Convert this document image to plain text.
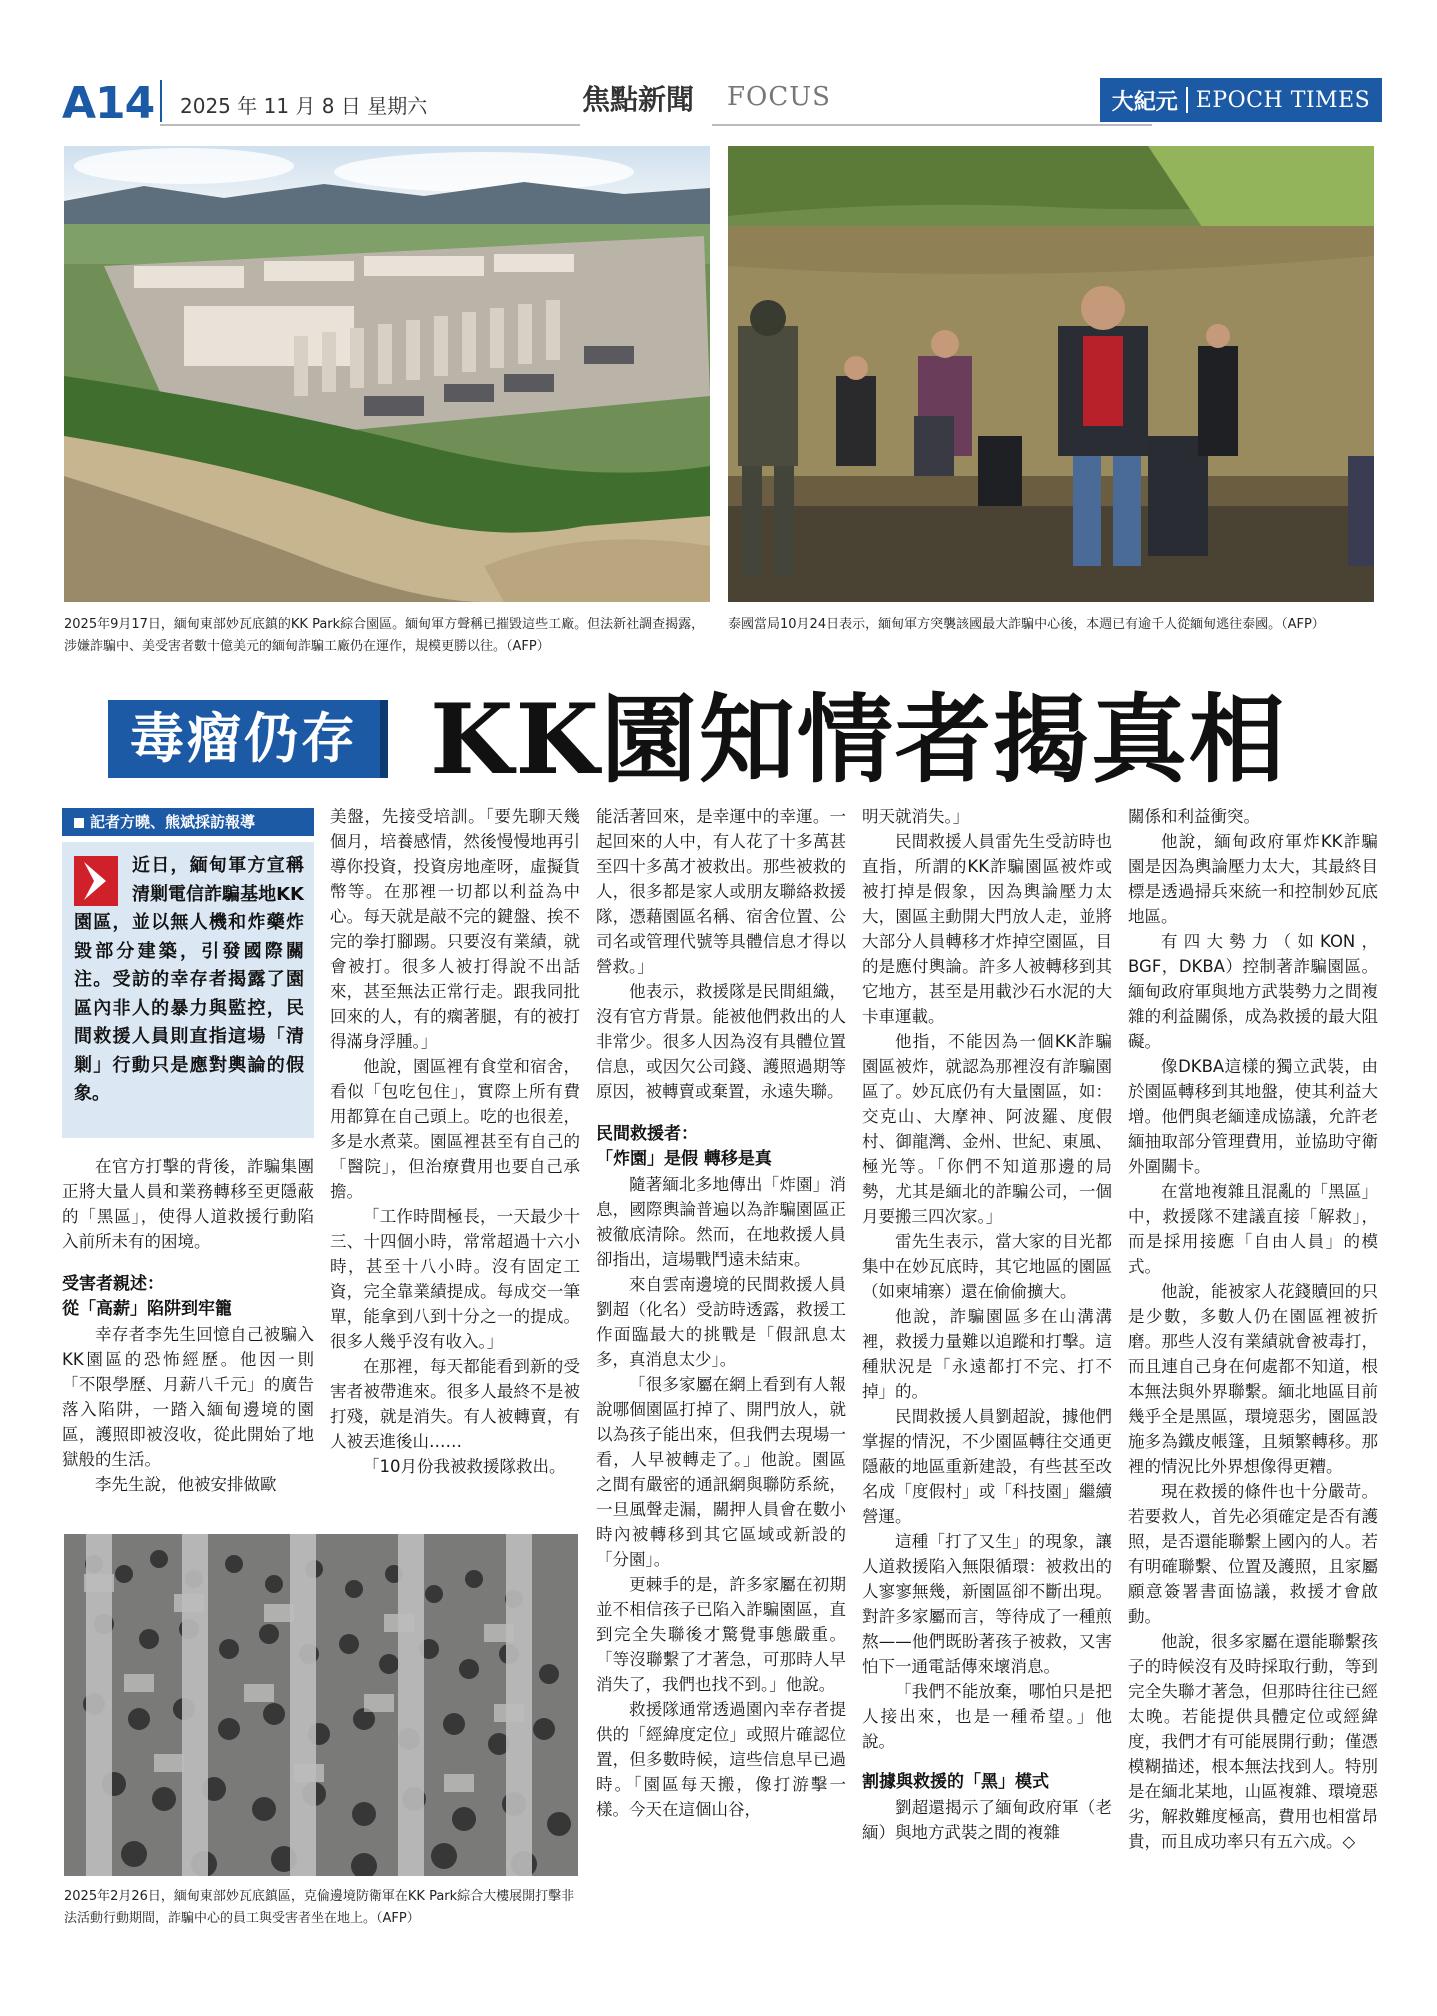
A14 2025 年 11 月 8 日 星期六	焦點新聞 FOCUS	大紀元 EPOCH TIMES
2025年9月17日，緬甸東部妙瓦底鎮的KK Park綜合園區。緬甸軍方聲稱已摧毀這些工廠。但法新社調查揭露，涉嫌詐騙中、美受害者數十億美元的緬甸詐騙工廠仍在運作，規模更勝以往。（AFP）
泰國當局10月24日表示，緬甸軍方突襲該國最大詐騙中心後，本週已有逾千人從緬甸逃往泰國。（AFP）
毒瘤仍存 KK園知情者揭真相
記者方曉、熊斌採訪報導
近日，緬甸軍方宣稱清剿電信詐騙基地KK園區，並以無人機和炸藥炸毀部分建築，引發國際關注。受訪的幸存者揭露了園區內非人的暴力與監控，民間救援人員則直指這場「清剿」行動只是應對輿論的假象。

在官方打擊的背後，詐騙集團正將大量人員和業務轉移至更隱蔽的「黑區」，使得人道救援行動陷入前所未有的困境。

受害者親述：
從「高薪」陷阱到牢籠

幸存者李先生回憶自己被騙入KK園區的恐怖經歷。他因一則「不限學歷、月薪八千元」的廣告落入陷阱，一踏入緬甸邊境的園區，護照即被沒收，從此開始了地獄般的生活。

李先生說，他被安排做歐

美盤，先接受培訓。「要先聊天幾個月，培養感情，然後慢慢地再引導你投資，投資房地產呀，虛擬貨幣等。在那裡一切都以利益為中心。每天就是敲不完的鍵盤、挨不完的拳打腳踢。只要沒有業績，就會被打。很多人被打得說不出話來，甚至無法正常行走。跟我同批回來的人，有的瘸著腿，有的被打得滿身浮腫。」

他說，園區裡有食堂和宿舍，看似「包吃包住」，實際上所有費用都算在自己頭上。吃的也很差，多是水煮菜。園區裡甚至有自己的「醫院」，但治療費用也要自己承擔。

「工作時間極長，一天最少十三、十四個小時，常常超過十六小時，甚至十八小時。沒有固定工資，完全靠業績提成。每成交一筆單，能拿到八到十分之一的提成。很多人幾乎沒有收入。」

在那裡，每天都能看到新的受害者被帶進來。很多人最終不是被打殘，就是消失。有人被轉賣，有人被丟進後山……

「10月份我被救援隊救出。

2025年2月26日，緬甸東部妙瓦底鎮區，克倫邊境防衛軍在KK Park綜合大樓展開打擊非法活動行動期間，詐騙中心的員工與受害者坐在地上。（AFP）

能活著回來，是幸運中的幸運。一起回來的人中，有人花了十多萬甚至四十多萬才被救出。那些被救的人，很多都是家人或朋友聯絡救援隊，憑藉園區名稱、宿舍位置、公司名或管理代號等具體信息才得以營救。」

他表示，救援隊是民間組織，沒有官方背景。能被他們救出的人非常少。很多人因為沒有具體位置信息，或因欠公司錢、護照過期等原因，被轉賣或棄置，永遠失聯。

民間救援者：
「炸園」是假 轉移是真

隨著緬北多地傳出「炸園」消息，國際輿論普遍以為詐騙園區正被徹底清除。然而，在地救援人員卻指出，這場戰鬥遠未結束。

來自雲南邊境的民間救援人員劉超（化名）受訪時透露，救援工作面臨最大的挑戰是「假訊息太多，真消息太少」。

「很多家屬在網上看到有人報說哪個園區打掉了、開門放人，就以為孩子能出來，但我們去現場一看，人早被轉走了。」他說。園區之間有嚴密的通訊網與聯防系統，一旦風聲走漏，關押人員會在數小時內被轉移到其它區域或新設的「分園」。

更棘手的是，許多家屬在初期並不相信孩子已陷入詐騙園區，直到完全失聯後才驚覺事態嚴重。「等沒聯繫了才著急，可那時人早消失了，我們也找不到。」他說。

救援隊通常透過園內幸存者提供的「經緯度定位」或照片確認位置，但多數時候，這些信息早已過時。「園區每天搬，像打游擊一樣。今天在這個山谷，

明天就消失。」

民間救援人員雷先生受訪時也直指，所謂的KK詐騙園區被炸或被打掉是假象，因為輿論壓力太大，園區主動開大門放人走，並將大部分人員轉移才炸掉空園區，目的是應付輿論。許多人被轉移到其它地方，甚至是用載沙石水泥的大卡車運載。

他指，不能因為一個KK詐騙園區被炸，就認為那裡沒有詐騙園區了。妙瓦底仍有大量園區，如：交克山、大摩神、阿波羅、度假村、御龍灣、金州、世紀、東風、極光等。「你們不知道那邊的局勢，尤其是緬北的詐騙公司，一個月要搬三四次家。」

雷先生表示，當大家的目光都集中在妙瓦底時，其它地區的園區（如柬埔寨）還在偷偷擴大。

他說，詐騙園區多在山溝溝裡，救援力量難以追蹤和打擊。這種狀況是「永遠都打不完、打不掉」的。

民間救援人員劉超說，據他們掌握的情況，不少園區轉往交通更隱蔽的地區重新建設，有些甚至改名成「度假村」或「科技園」繼續營運。

這種「打了又生」的現象，讓人道救援陷入無限循環：被救出的人寥寥無幾，新園區卻不斷出現。對許多家屬而言，等待成了一種煎熬——他們既盼著孩子被救，又害怕下一通電話傳來壞消息。

「我們不能放棄，哪怕只是把人接出來，也是一種希望。」他說。

割據與救援的「黑」模式

劉超還揭示了緬甸政府軍（老緬）與地方武裝之間的複雜

關係和利益衝突。

他說，緬甸政府軍炸KK詐騙園是因為輿論壓力太大，其最終目標是透過掃兵來統一和控制妙瓦底地區。

有四大勢力（如KON，BGF，DKBA）控制著詐騙園區。緬甸政府軍與地方武裝勢力之間複雜的利益關係，成為救援的最大阻礙。

像DKBA這樣的獨立武裝，由於園區轉移到其地盤，使其利益大增。他們與老緬達成協議，允許老緬抽取部分管理費用，並協助守衛外圍關卡。

在當地複雜且混亂的「黑區」中，救援隊不建議直接「解救」，而是採用接應「自由人員」的模式。

他說，能被家人花錢贖回的只是少數，多數人仍在園區裡被折磨。那些人沒有業績就會被毒打，而且連自己身在何處都不知道，根本無法與外界聯繫。緬北地區目前幾乎全是黑區，環境惡劣，園區設施多為鐵皮帳篷，且頻繁轉移。那裡的情況比外界想像得更糟。

現在救援的條件也十分嚴苛。若要救人，首先必須確定是否有護照，是否還能聯繫上國內的人。若有明確聯繫、位置及護照，且家屬願意簽署書面協議，救援才會啟動。

他說，很多家屬在還能聯繫孩子的時候沒有及時採取行動，等到完全失聯才著急，但那時往往已經太晚。若能提供具體定位或經緯度，我們才有可能展開行動；僅憑模糊描述，根本無法找到人。特別是在緬北某地，山區複雜、環境惡劣，解救難度極高，費用也相當昂貴，而且成功率只有五六成。◇
